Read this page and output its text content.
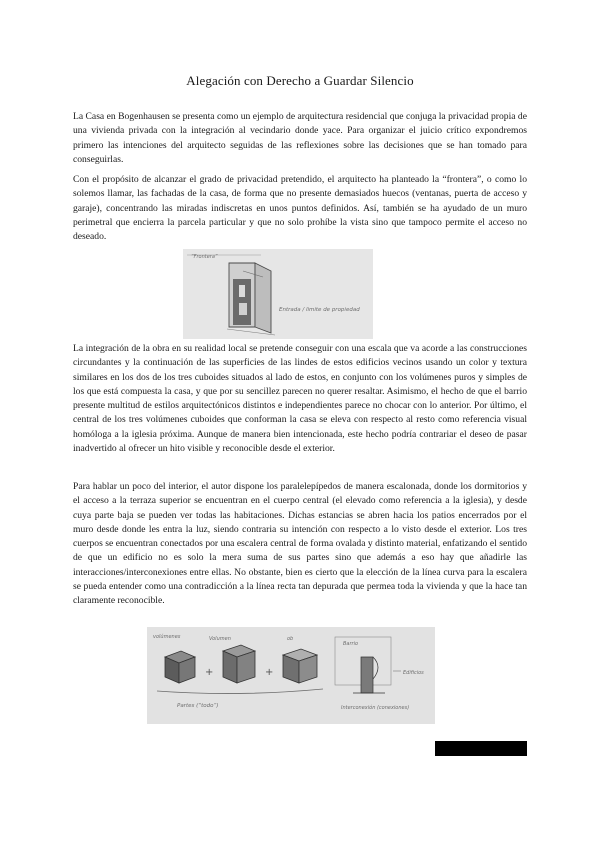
Alegación con Derecho a Guardar Silencio

La Casa en Bogenhausen se presenta como un ejemplo de arquitectura residencial que conjuga la privacidad propia de una vivienda privada con la integración al vecindario donde yace. Para organizar el juicio crítico expondremos primero las intenciones del arquitecto seguidas de las reflexiones sobre las decisiones que se han tomado para conseguirlas.

Con el propósito de alcanzar el grado de privacidad pretendido, el arquitecto ha planteado la “frontera”, o como lo solemos llamar, las fachadas de la casa, de forma que no presente demasiados huecos (ventanas, puerta de acceso y garaje), concentrando las miradas indiscretas en unos puntos definidos. Así, también se ha ayudado de un muro perimetral que encierra la parcela particular y que no solo prohíbe la vista sino que tampoco permite el acceso no deseado.

“Frontera”
Entrada / limite de propiedad

La integración de la obra en su realidad local se pretende conseguir con una escala que va acorde a las construcciones circundantes y la continuación de las superficies de las lindes de estos edificios vecinos usando un color y textura similares en los dos de los tres cuboides situados al lado de estos, en conjunto con los volúmenes puros y simples de los que está compuesta la casa, y que por su sencillez parecen no querer resaltar. Asimismo, el hecho de que el barrio presente multitud de estilos arquitectónicos distintos e independientes parece no chocar con lo anterior. Por último, el central de los tres volúmenes cuboides que conforman la casa se eleva con respecto al resto como referencia visual homóloga a la iglesia próxima. Aunque de manera bien intencionada, este hecho podría contrariar el deseo de pasar inadvertido al ofrecer un hito visible y reconocible desde el exterior.

Para hablar un poco del interior, el autor dispone los paralelepípedos de manera escalonada, donde los dormitorios y el acceso a la terraza superior se encuentran en el cuerpo central (el elevado como referencia a la iglesia), y desde cuya parte baja se pueden ver todas las habitaciones. Dichas estancias se abren hacia los patios encerrados por el muro desde donde les entra la luz, siendo contraria su intención con respecto a lo visto desde el exterior. Los tres cuerpos se encuentran conectados por una escalera central de forma ovalada y distinto material, enfatizando el sentido de que un edificio no es solo la mera suma de sus partes sino que además a eso hay que añadirle las interacciones/interconexiones entre ellas. No obstante, bien es cierto que la elección de la línea curva para la escalera se pueda entender como una contradicción a la línea recta tan depurada que permea toda la vivienda y que la hace tan claramente reconocible.

volúmenes	Volumen	ob
+	+
Partes (“todo”)
Barrio
Edificios
Interconexión (conexiones)
